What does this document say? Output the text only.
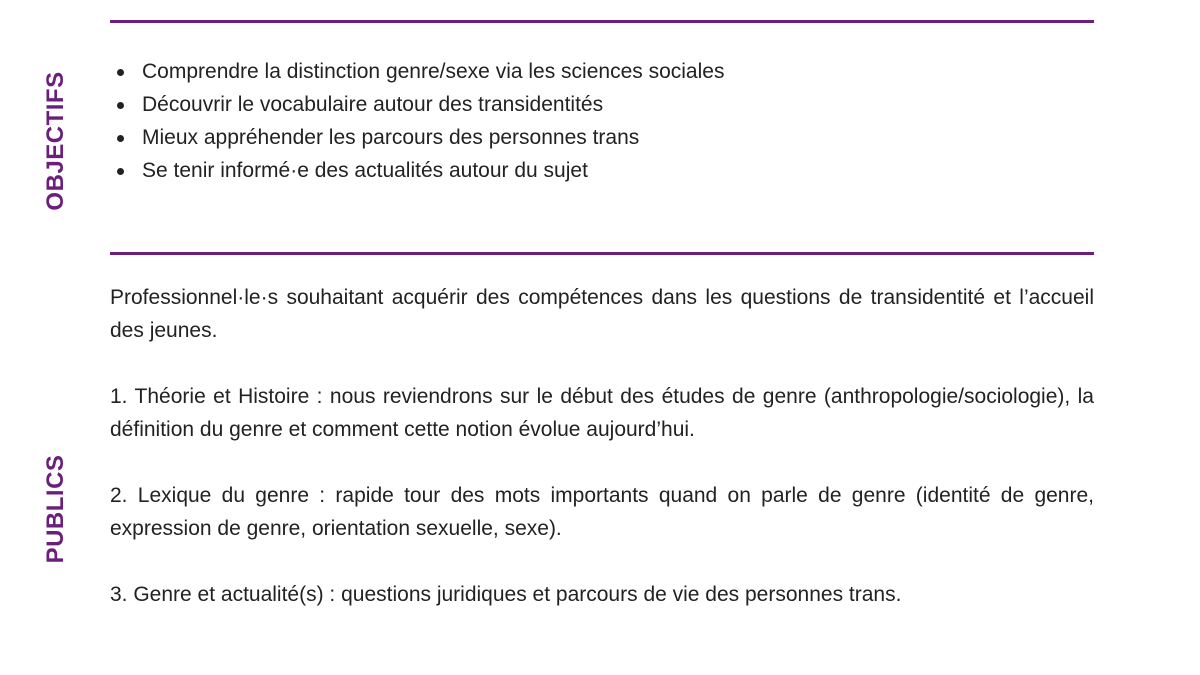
OBJECTIFS	Comprendre la distinction genre/sexe via les sciences sociales
Découvrir le vocabulaire autour des transidentités
Mieux appréhender les parcours des personnes trans
Se tenir informé·e des actualités autour du sujet
PUBLICS

Professionnel·le·s souhaitant acquérir des compétences dans les questions de transidentité et l’accueil des jeunes.

1. Théorie et Histoire : nous reviendrons sur le début des études de genre (anthropologie/sociologie), la définition du genre et comment cette notion évolue aujourd’hui.

2. Lexique du genre : rapide tour des mots importants quand on parle de genre (identité de genre, expression de genre, orientation sexuelle, sexe).

3. Genre et actualité(s) : questions juridiques et parcours de vie des personnes trans.
